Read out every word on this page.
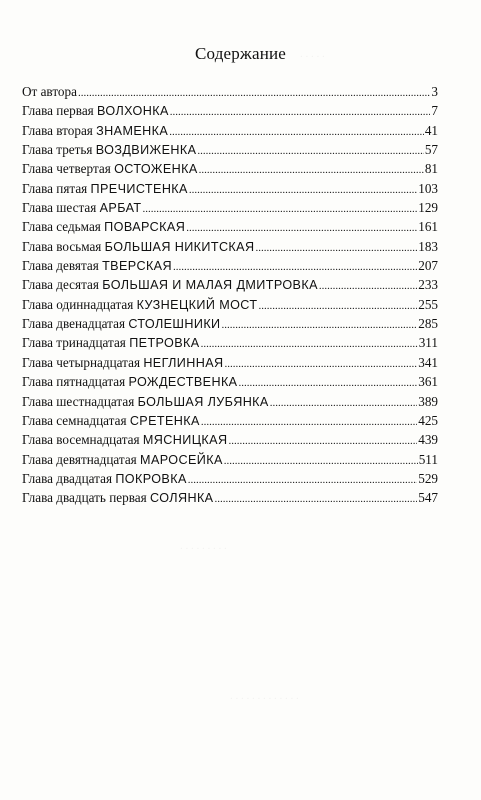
. . . . .
. . . . . . . . .
. . . . . . . . . . . . .
Содержание
От автора .....	3
Глава первая ВОЛХОНКА .....	7
Глава вторая ЗНАМЕНКА .....	41
Глава третья ВОЗДВИЖЕНКА .....	57
Глава четвертая ОСТОЖЕНКА .....	81
Глава пятая ПРЕЧИСТЕНКА .....	103
Глава шестая АРБАТ .....	129
Глава седьмая ПОВАРСКАЯ .....	161
Глава восьмая БОЛЬШАЯ НИКИТСКАЯ .....	183
Глава девятая ТВЕРСКАЯ .....	207
Глава десятая БОЛЬШАЯ И МАЛАЯ ДМИТРОВКА .....	233
Глава одиннадцатая КУЗНЕЦКИЙ МОСТ .....	255
Глава двенадцатая СТОЛЕШНИКИ .....	285
Глава тринадцатая ПЕТРОВКА .....	311
Глава четырнадцатая НЕГЛИННАЯ .....	341
Глава пятнадцатая РОЖДЕСТВЕНКА .....	361
Глава шестнадцатая БОЛЬШАЯ ЛУБЯНКА .....	389
Глава семнадцатая СРЕТЕНКА .....	425
Глава восемнадцатая МЯСНИЦКАЯ .....	439
Глава девятнадцатая МАРОСЕЙКА .....	511
Глава двадцатая ПОКРОВКА .....	529
Глава двадцать первая СОЛЯНКА .....	547
